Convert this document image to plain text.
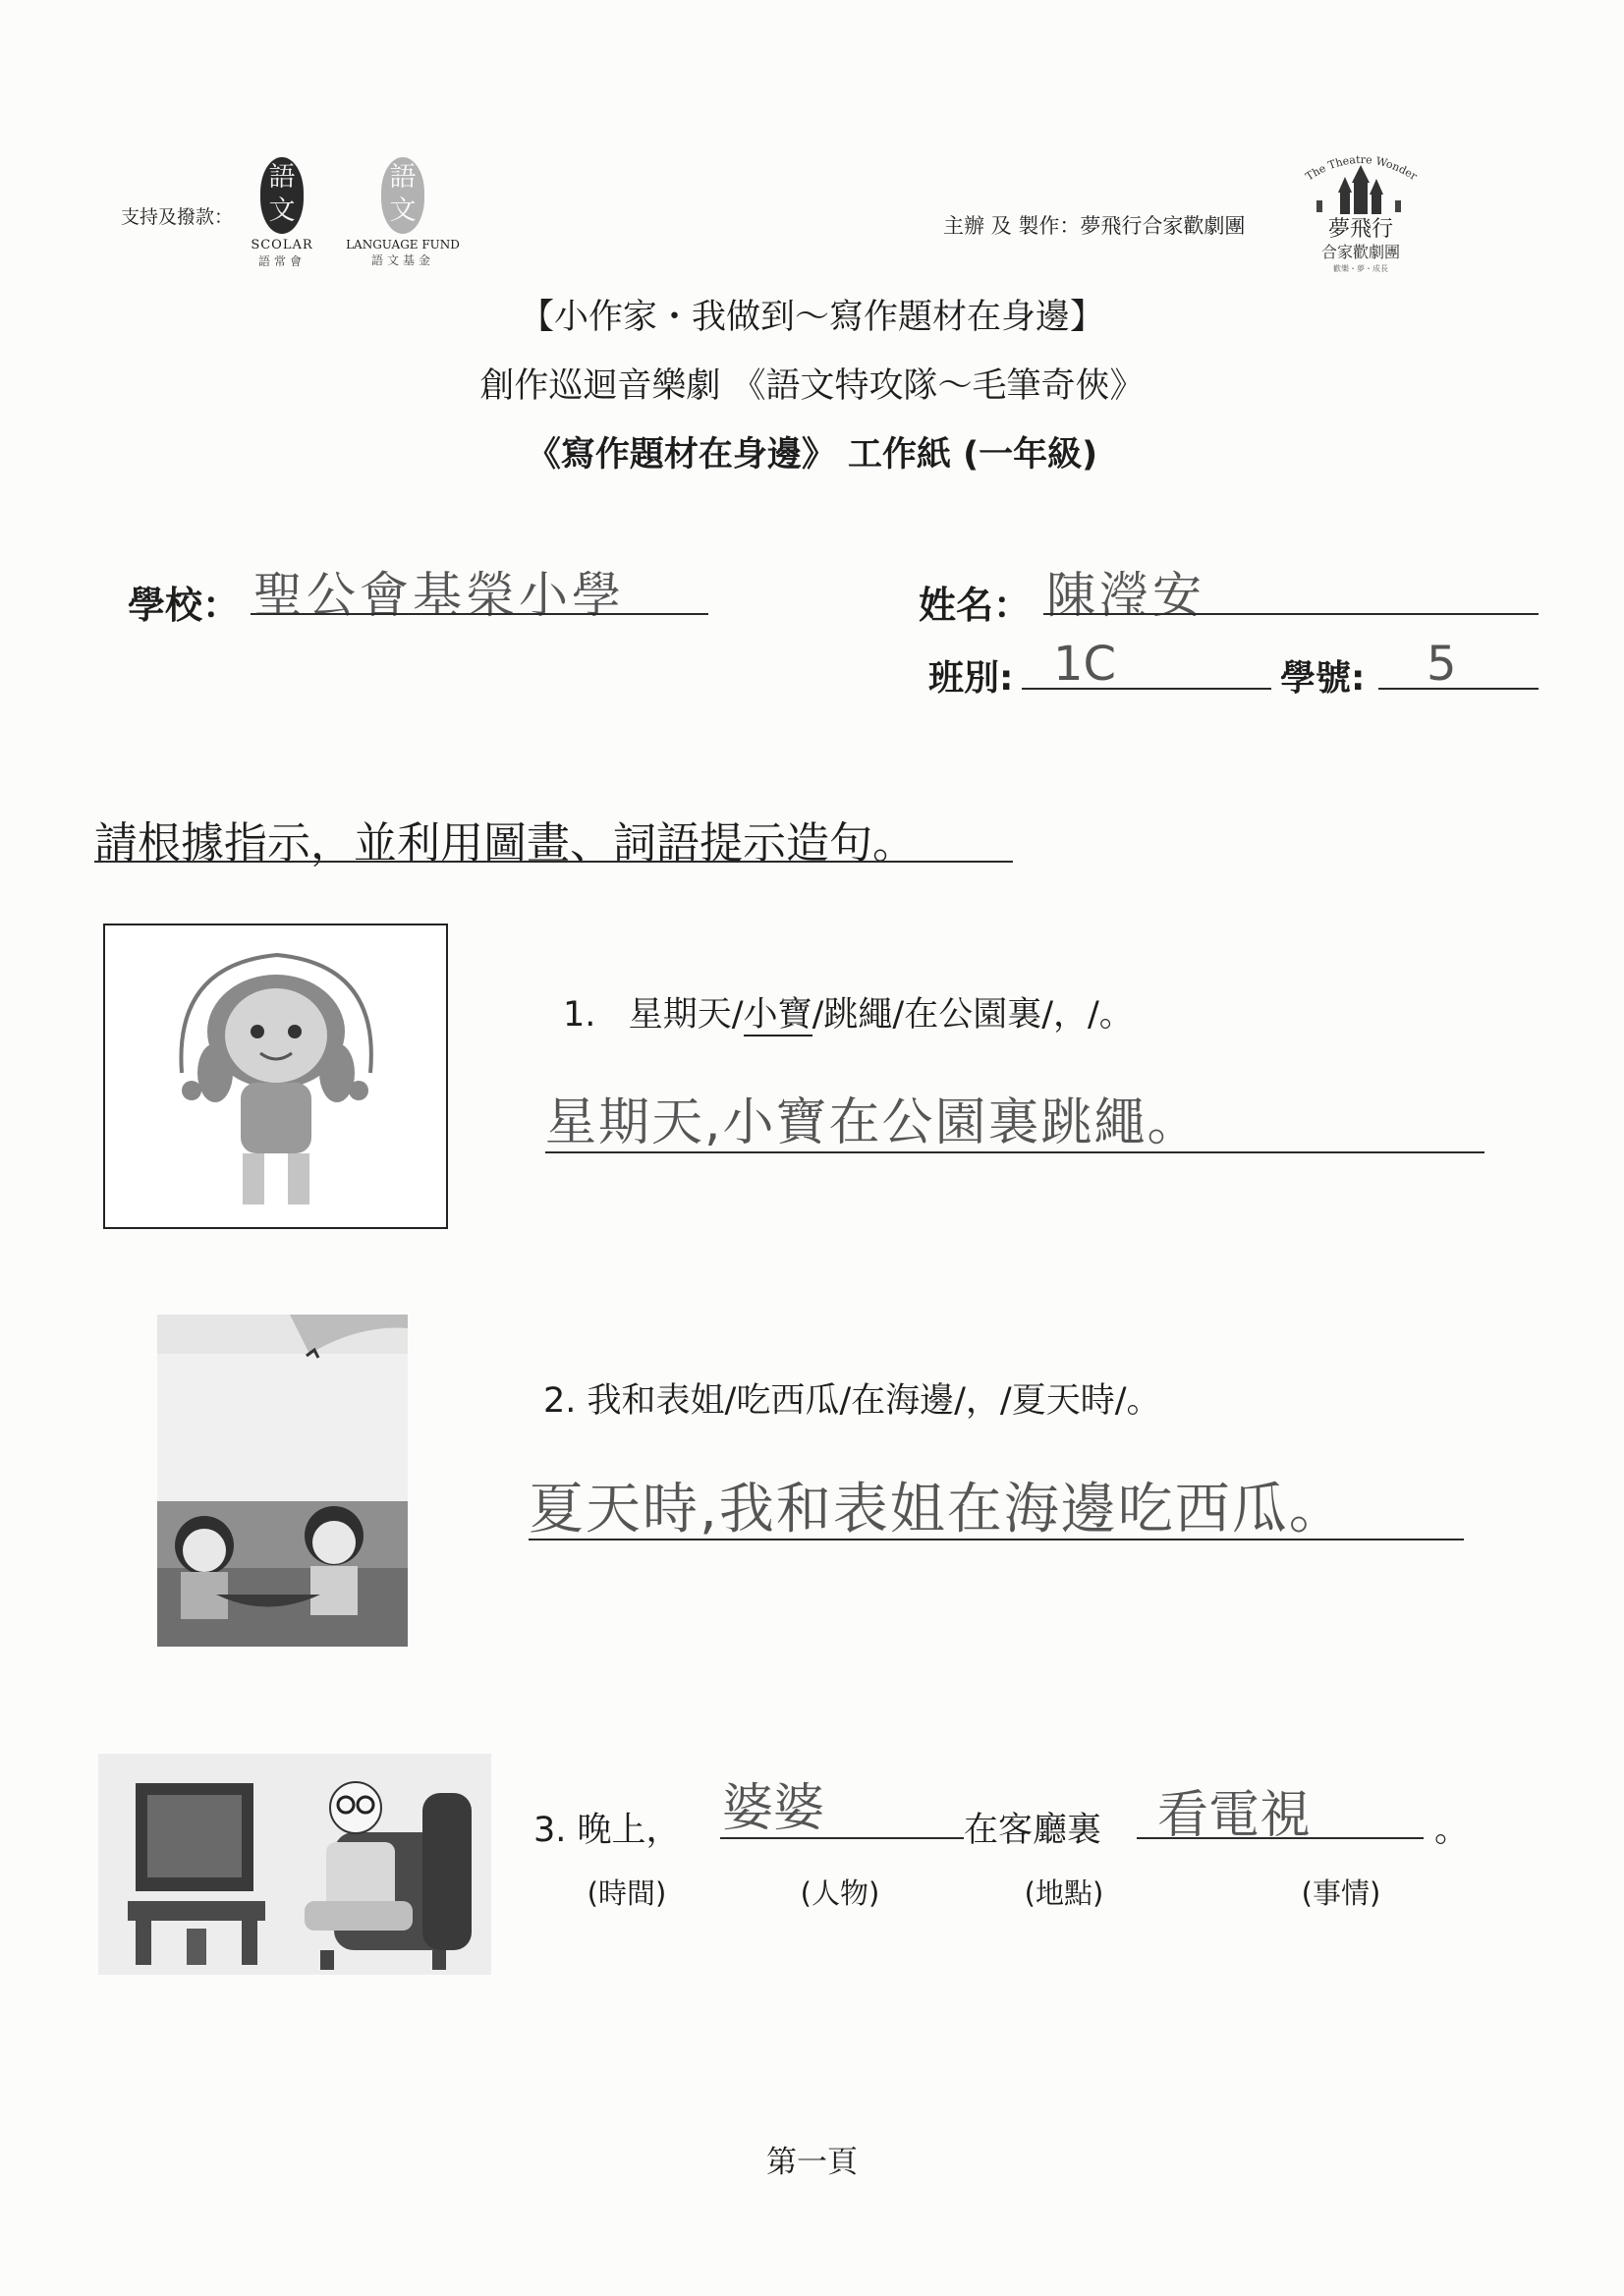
支持及撥款：
語文
SCOLAR
語常會
語文
LANGUAGE FUND
語文基金
主辦 及 製作：夢飛行合家歡劇團
The Theatre Wonder
夢飛行
合家歡劇團
歡樂・夢・成長
【小作家・我做到～寫作題材在身邊】
創作巡迴音樂劇 《語文特攻隊～毛筆奇俠》
《寫作題材在身邊》 工作紙 (一年級)
學校： 聖公會基榮小學	姓名： 陳瀅安
班別: 1C	學號: 5
請根據指示，並利用圖畫、詞語提示造句。
1. 星期天/小寶/跳繩/在公園裏/，/。
星期天,小寶在公園裏跳繩。
2. 我和表姐/吃西瓜/在海邊/，/夏天時/。
夏天時,我和表姐在海邊吃西瓜。
3. 晚上， 婆婆	在客廳裏 看電視	。
(時間)	(人物)	(地點)	(事情)
第一頁
